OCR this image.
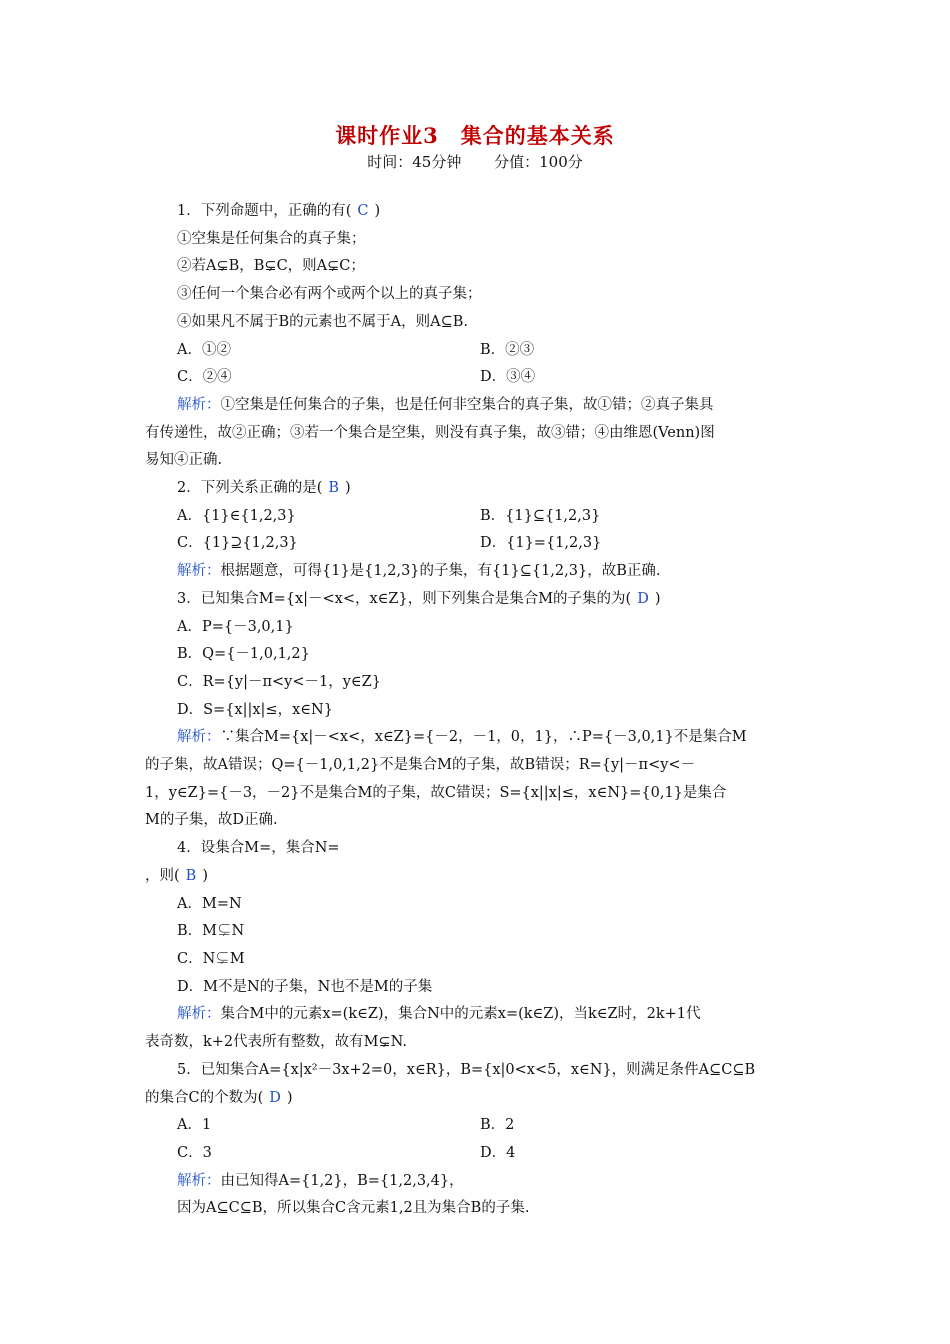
课时作业3　集合的基本关系
时间：45分钟 分值：100分
1．下列命题中，正确的有( C )
①空集是任何集合的真子集；
②若A⊊B，B⊊C，则A⊊C；
③任何一个集合必有两个或两个以上的真子集；
④如果凡不属于B的元素也不属于A，则A⊆B.
A．①②	B．②③
C．②④	D．③④
解析：①空集是任何集合的子集，也是任何非空集合的真子集，故①错；②真子集具
有传递性，故②正确；③若一个集合是空集，则没有真子集，故③错；④由维恩(Venn)图
易知④正确.
2．下列关系正确的是( B )
A．{1}∈{1,2,3}	B．{1}⊆{1,2,3}
C．{1}⊇{1,2,3}	D．{1}={1,2,3}
解析：根据题意，可得{1}是{1,2,3}的子集，有{1}⊆{1,2,3}，故B正确.
3．已知集合M={x|－<x<，x∈Z}，则下列集合是集合M的子集的为( D )
A．P={－3,0,1}
B．Q={－1,0,1,2}
C．R={y|－π<y<－1，y∈Z}
D．S={x||x|≤，x∈N}
解析：∵集合M={x|－<x<，x∈Z}={－2，－1，0，1}，∴P={－3,0,1}不是集合M
的子集，故A错误；Q={－1,0,1,2}不是集合M的子集，故B错误；R={y|－π<y<－
1，y∈Z}={－3，－2}不是集合M的子集，故C错误；S={x||x|≤，x∈N}={0,1}是集合
M的子集，故D正确.
4．设集合M=，集合N=
，则( B )
A．M=N
B．M⊊N
C．N⊊M
D．M不是N的子集，N也不是M的子集
解析：集合M中的元素x=(k∈Z)，集合N中的元素x=(k∈Z)，当k∈Z时，2k+1代
表奇数，k+2代表所有整数，故有M⊊N.
5．已知集合A={x|x²－3x+2=0，x∈R}，B={x|0<x<5，x∈N}，则满足条件A⊆C⊆B
的集合C的个数为( D )
A．1	B．2
C．3	D．4
解析：由已知得A={1,2}，B={1,2,3,4}，
因为A⊆C⊆B，所以集合C含元素1,2且为集合B的子集.
